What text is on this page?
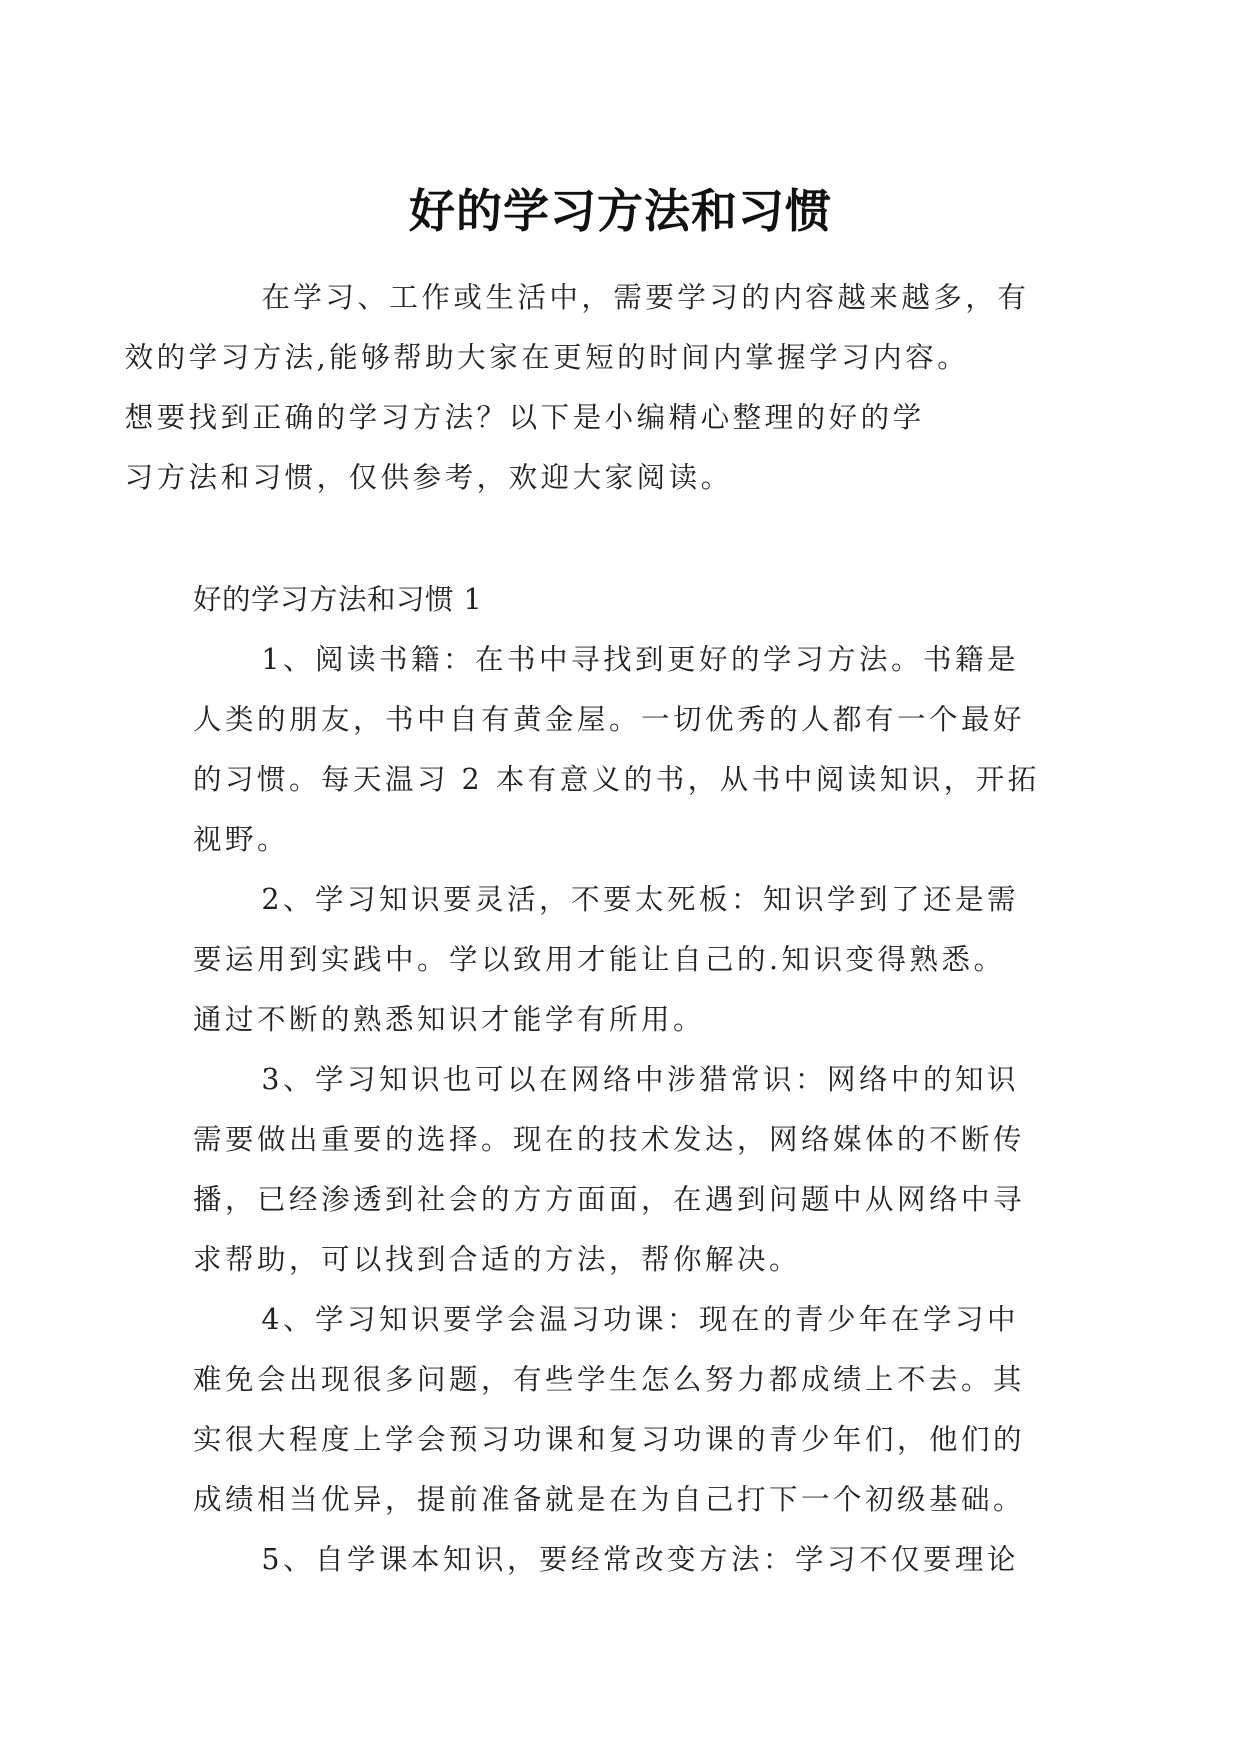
好的学习方法和习惯

在学习、工作或生活中，需要学习的内容越来越多，有
效的学习方法,能够帮助大家在更短的时间内掌握学习内容。
想要找到正确的学习方法？以下是小编精心整理的好的学
习方法和习惯，仅供参考，欢迎大家阅读。

好的学习方法和习惯 1

1、阅读书籍：在书中寻找到更好的学习方法。书籍是
人类的朋友，书中自有黄金屋。一切优秀的人都有一个最好
的习惯。每天温习 2 本有意义的书，从书中阅读知识，开拓
视野。

2、学习知识要灵活，不要太死板：知识学到了还是需
要运用到实践中。学以致用才能让自己的.知识变得熟悉。
通过不断的熟悉知识才能学有所用。

3、学习知识也可以在网络中涉猎常识：网络中的知识
需要做出重要的选择。现在的技术发达，网络媒体的不断传
播，已经渗透到社会的方方面面，在遇到问题中从网络中寻
求帮助，可以找到合适的方法，帮你解决。

4、学习知识要学会温习功课：现在的青少年在学习中
难免会出现很多问题，有些学生怎么努力都成绩上不去。其
实很大程度上学会预习功课和复习功课的青少年们，他们的
成绩相当优异，提前准备就是在为自己打下一个初级基础。

5、自学课本知识，要经常改变方法：学习不仅要理论
